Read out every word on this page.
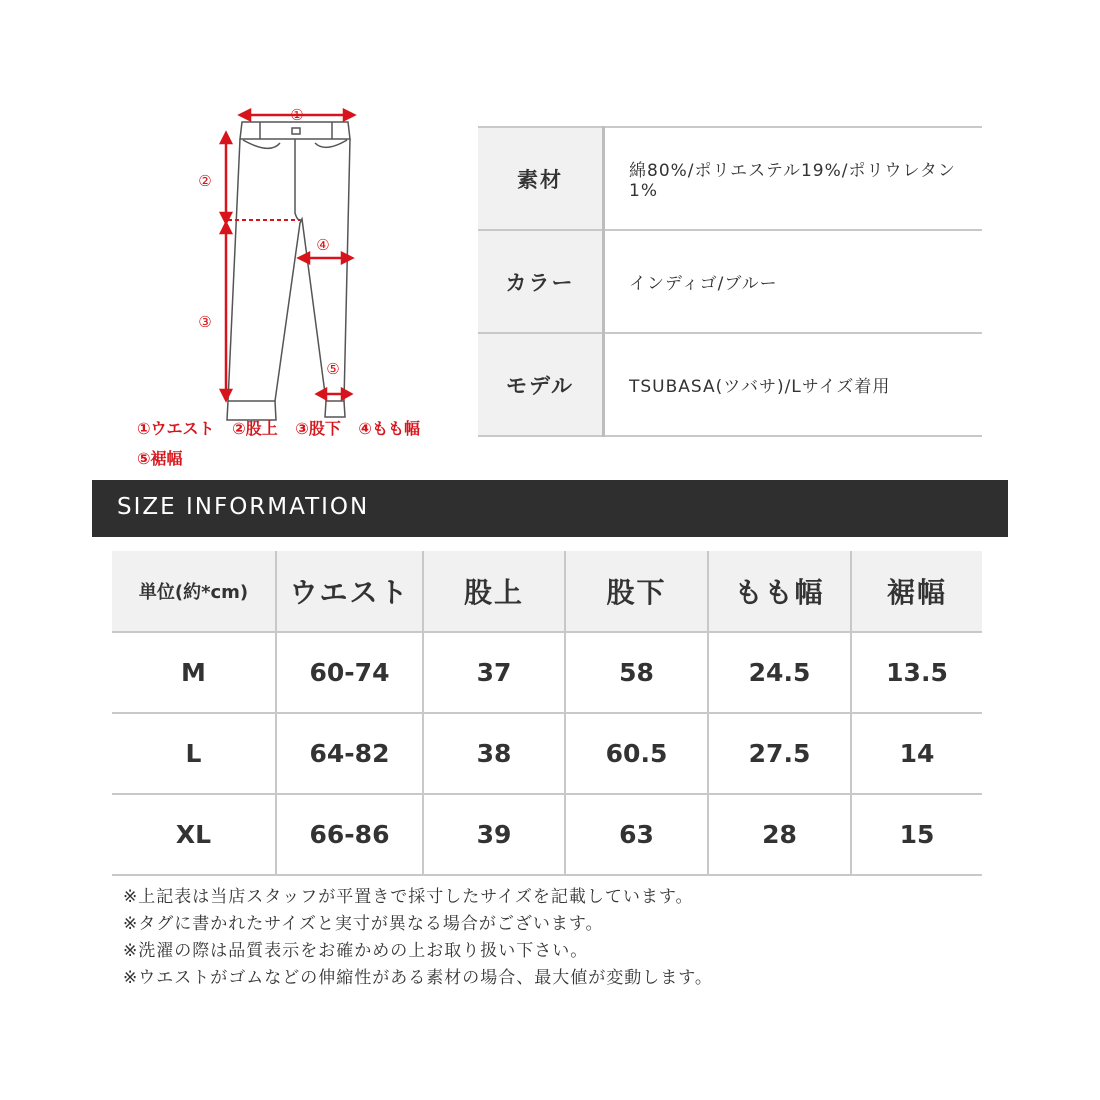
①
②
③
④
⑤
①ウエスト ②股上 ③股下 ④もも幅
⑤裾幅
素材	綿80%/ポリエステル19%/ポリウレタン1%
カラー	インディゴ/ブルー
モデル	TSUBASA(ツバサ)/Lサイズ着用
SIZE INFORMATION
単位(約*cm)	ウエスト	股上	股下	もも幅	裾幅
M	60-74	37	58	24.5	13.5
L	64-82	38	60.5	27.5	14
XL	66-86	39	63	28	15
※上記表は当店スタッフが平置きで採寸したサイズを記載しています。
※タグに書かれたサイズと実寸が異なる場合がございます。
※洗濯の際は品質表示をお確かめの上お取り扱い下さい。
※ウエストがゴムなどの伸縮性がある素材の場合、最大値が変動します。
